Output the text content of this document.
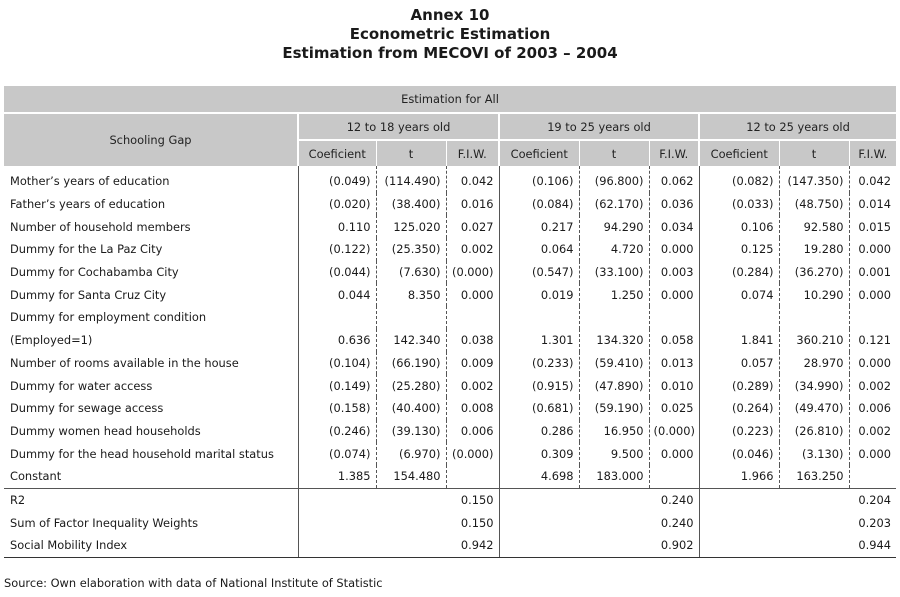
Annex 10
Econometric Estimation
Estimation from MECOVI of 2003 – 2004
Estimation for All									
Schooling Gap	12 to 18 years old			19 to 25 years old			12 to 25 years old		
	Coeficient	t	F.I.W.	Coeficient	t	F.I.W.	Coeficient	t	F.I.W.
Mother’s years of education	(0.049)	(114.490)	0.042	(0.106)	(96.800)	0.062	(0.082)	(147.350)	0.042
Father’s years of education	(0.020)	(38.400)	0.016	(0.084)	(62.170)	0.036	(0.033)	(48.750)	0.014
Number of household members	0.110	125.020	0.027	0.217	94.290	0.034	0.106	92.580	0.015
Dummy for the La Paz City	(0.122)	(25.350)	0.002	0.064	4.720	0.000	0.125	19.280	0.000
Dummy for Cochabamba City	(0.044)	(7.630)	(0.000)	(0.547)	(33.100)	0.003	(0.284)	(36.270)	0.001
Dummy for Santa Cruz City	0.044	8.350	0.000	0.019	1.250	0.000	0.074	10.290	0.000
Dummy for employment condition									
(Employed=1)	0.636	142.340	0.038	1.301	134.320	0.058	1.841	360.210	0.121
Number of rooms available in the house	(0.104)	(66.190)	0.009	(0.233)	(59.410)	0.013	0.057	28.970	0.000
Dummy for water access	(0.149)	(25.280)	0.002	(0.915)	(47.890)	0.010	(0.289)	(34.990)	0.002
Dummy for sewage access	(0.158)	(40.400)	0.008	(0.681)	(59.190)	0.025	(0.264)	(49.470)	0.006
Dummy women head households	(0.246)	(39.130)	0.006	0.286	16.950	(0.000)	(0.223)	(26.810)	0.002
Dummy for the head household marital status	(0.074)	(6.970)	(0.000)	0.309	9.500	0.000	(0.046)	(3.130)	0.000
Constant	1.385	154.480		4.698	183.000		1.966	163.250	
R2			0.150			0.240			0.204
Sum of Factor Inequality Weights			0.150			0.240			0.203
Social Mobility Index			0.942			0.902			0.944
Source: Own elaboration with data of National Institute of Statistic
